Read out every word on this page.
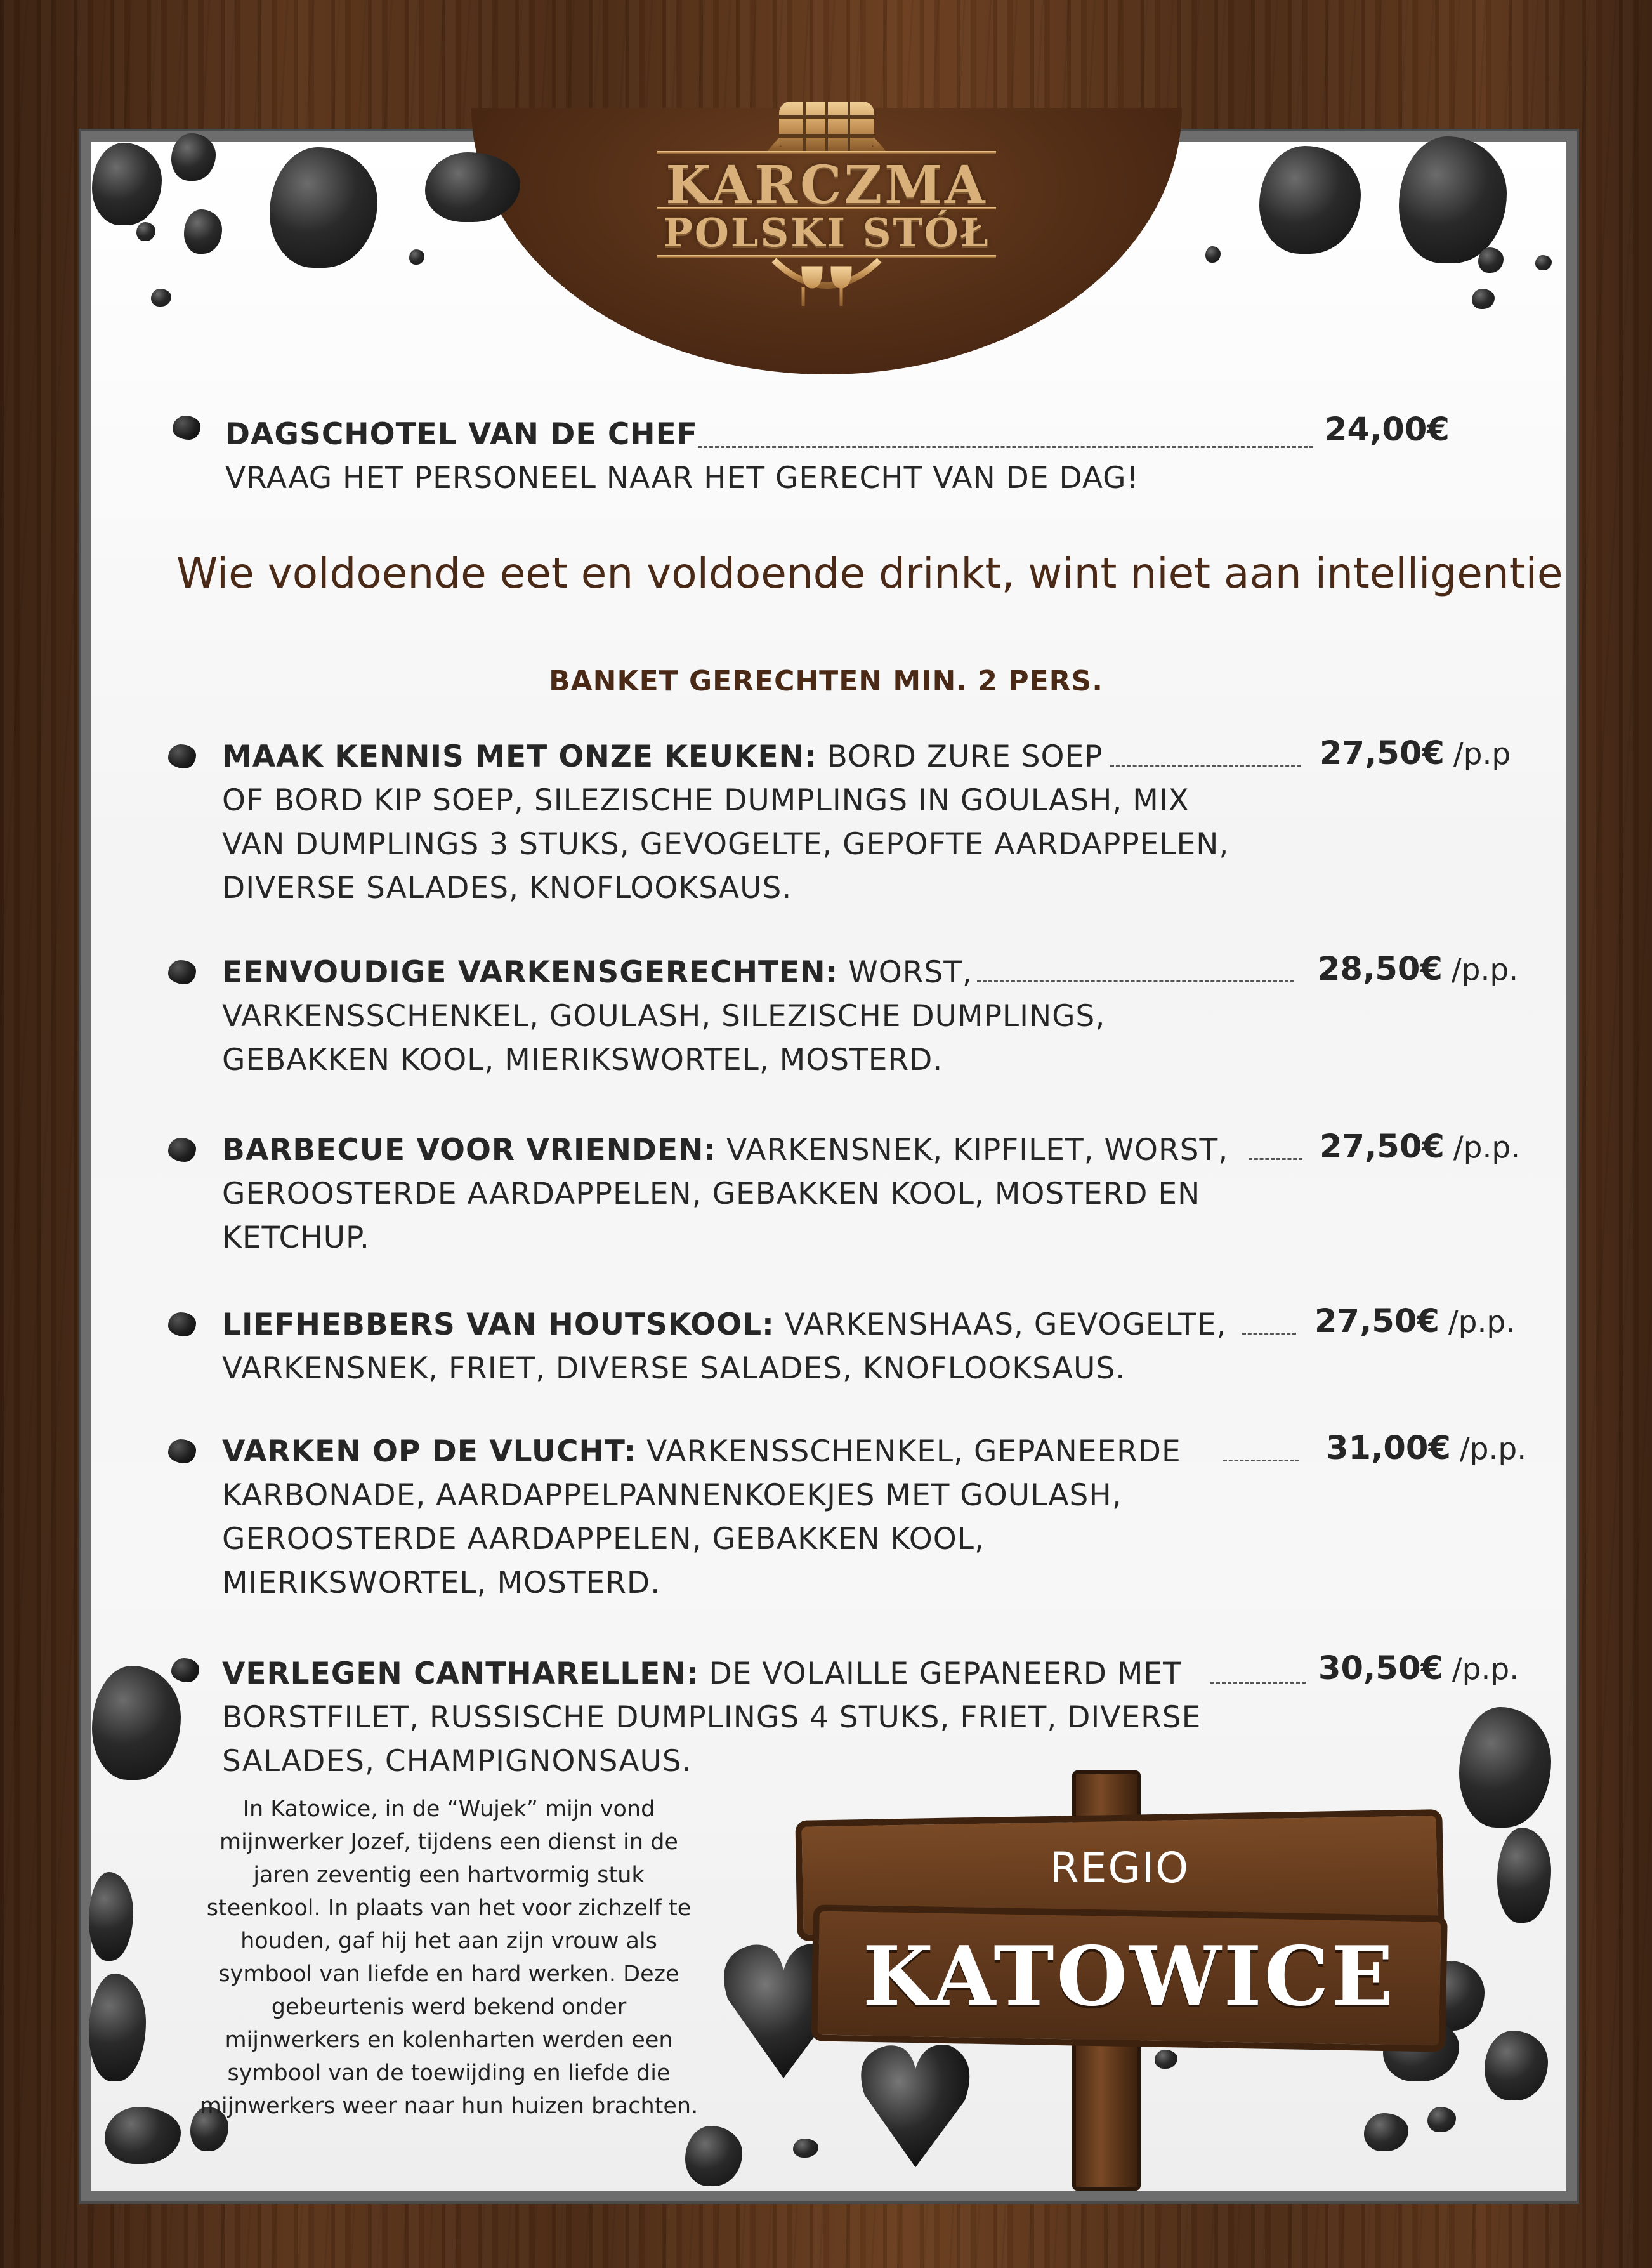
KARCZMA
POLSKI STÓŁ
DAGSCHOTEL VAN DE CHEF
VRAAG HET PERSONEEL NAAR HET GERECHT VAN DE DAG!
24,00€
Wie voldoende eet en voldoende drinkt, wint niet aan intelligentie
BANKET GERECHTEN MIN. 2 PERS.
MAAK KENNIS MET ONZE KEUKEN: BORD ZURE SOEP
OF BORD KIP SOEP, SILEZISCHE DUMPLINGS IN GOULASH, MIX
VAN DUMPLINGS 3 STUKS, GEVOGELTE, GEPOFTE AARDAPPELEN,
DIVERSE SALADES, KNOFLOOKSAUS.
27,50€ /p.p
EENVOUDIGE VARKENSGERECHTEN: WORST,
VARKENSSCHENKEL, GOULASH, SILEZISCHE DUMPLINGS,
GEBAKKEN KOOL, MIERIKSWORTEL, MOSTERD.
28,50€ /p.p.
BARBECUE VOOR VRIENDEN: VARKENSNEK, KIPFILET, WORST,
GEROOSTERDE AARDAPPELEN, GEBAKKEN KOOL, MOSTERD EN
KETCHUP.
27,50€ /p.p.
LIEFHEBBERS VAN HOUTSKOOL: VARKENSHAAS, GEVOGELTE,
VARKENSNEK, FRIET, DIVERSE SALADES, KNOFLOOKSAUS.
27,50€ /p.p.
VARKEN OP DE VLUCHT: VARKENSSCHENKEL, GEPANEERDE
KARBONADE, AARDAPPELPANNENKOEKJES MET GOULASH,
GEROOSTERDE AARDAPPELEN, GEBAKKEN KOOL,
MIERIKSWORTEL, MOSTERD.
31,00€ /p.p.
VERLEGEN CANTHARELLEN: DE VOLAILLE GEPANEERD MET
BORSTFILET, RUSSISCHE DUMPLINGS 4 STUKS, FRIET, DIVERSE
SALADES, CHAMPIGNONSAUS.
30,50€ /p.p.
In Katowice, in de “Wujek” mijn vond
mijnwerker Jozef, tijdens een dienst in de
jaren zeventig een hartvormig stuk
steenkool. In plaats van het voor zichzelf te
houden, gaf hij het aan zijn vrouw als
symbool van liefde en hard werken. Deze
gebeurtenis werd bekend onder
mijnwerkers en kolenharten werden een
symbool van de toewijding en liefde die
mijnwerkers weer naar hun huizen brachten.
REGIO
KATOWICE
